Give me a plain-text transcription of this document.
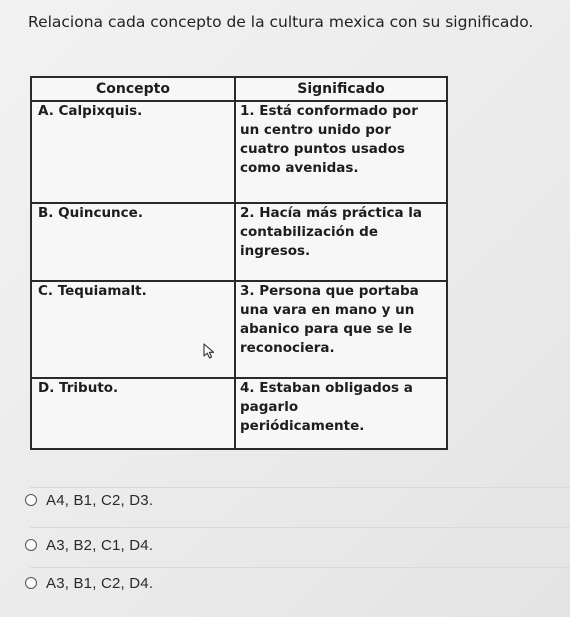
Relaciona cada concepto de la cultura mexica con su significado.
Concepto	Significado
A. Calpixquis.	1. Está conformado por
un centro unido por
cuatro puntos usados
como avenidas.

B. Quincunce.	2. Hacía más práctica la
contabilización de
ingresos.

C. Tequiamalt.	3. Persona que portaba
una vara en mano y un
abanico para que se le
reconociera.

D. Tributo.	4. Estaban obligados a
pagarlo
periódicamente.
A4, B1, C2, D3.
A3, B2, C1, D4.
A3, B1, C2, D4.
